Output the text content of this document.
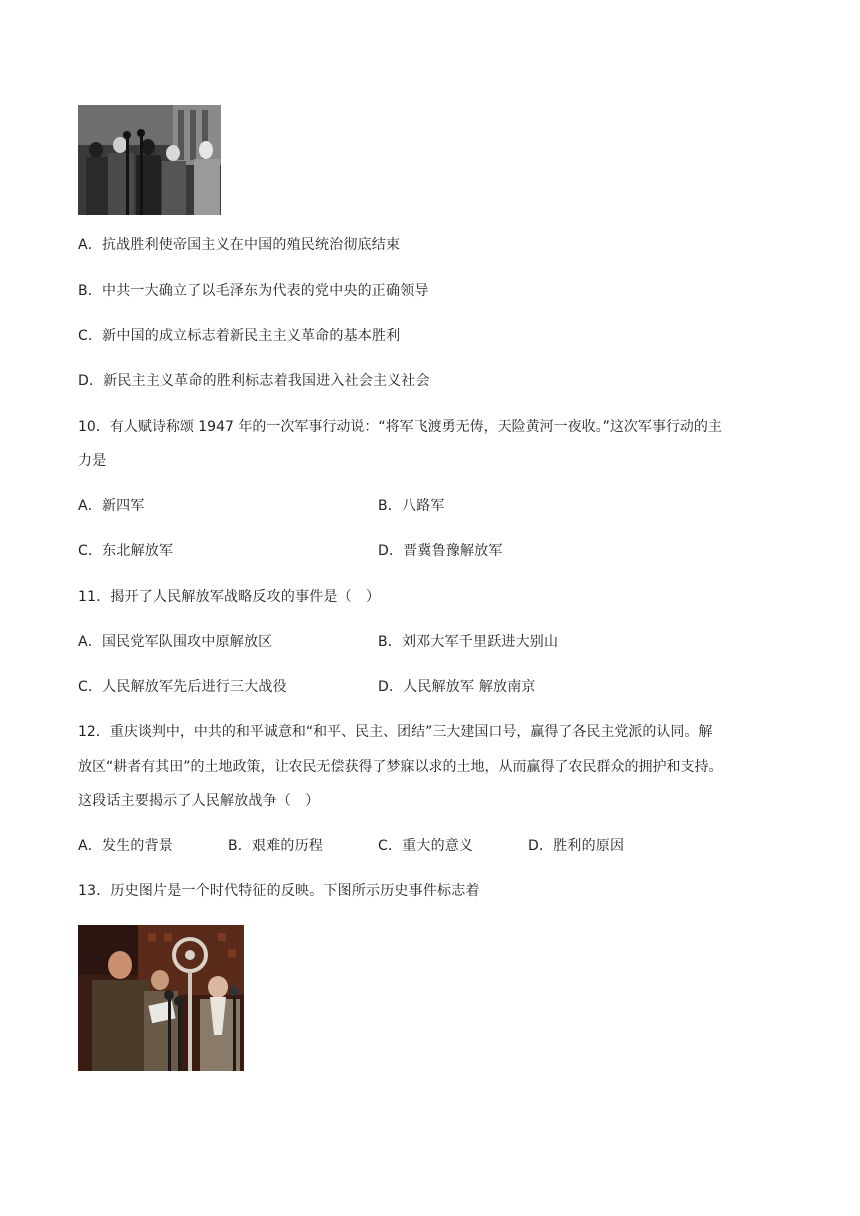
A．抗战胜利使帝国主义在中国的殖民统治彻底结束
B．中共一大确立了以毛泽东为代表的党中央的正确领导
C．新中国的成立标志着新民主主义革命的基本胜利
D．新民主主义革命的胜利标志着我国进入社会主义社会
10．有人赋诗称颂 1947 年的一次军事行动说：“将军飞渡勇无俦，天险黄河一夜收。”这次军事行动的主
力是
A．新四军	B．八路军
C．东北解放军	D．晋冀鲁豫解放军
11．揭开了人民解放军战略反攻的事件是（　）
A．国民党军队围攻中原解放区	B．刘邓大军千里跃进大别山
C．人民解放军先后进行三大战役	D．人民解放军 解放南京
12．重庆谈判中，中共的和平诚意和“和平、民主、团结”三大建国口号，赢得了各民主党派的认同。解
放区“耕者有其田”的土地政策，让农民无偿获得了梦寐以求的土地，从而赢得了农民群众的拥护和支持。
这段话主要揭示了人民解放战争（　）
A．发生的背景	B．艰难的历程	C．重大的意义	D．胜利的原因
13．历史图片是一个时代特征的反映。下图所示历史事件标志着
